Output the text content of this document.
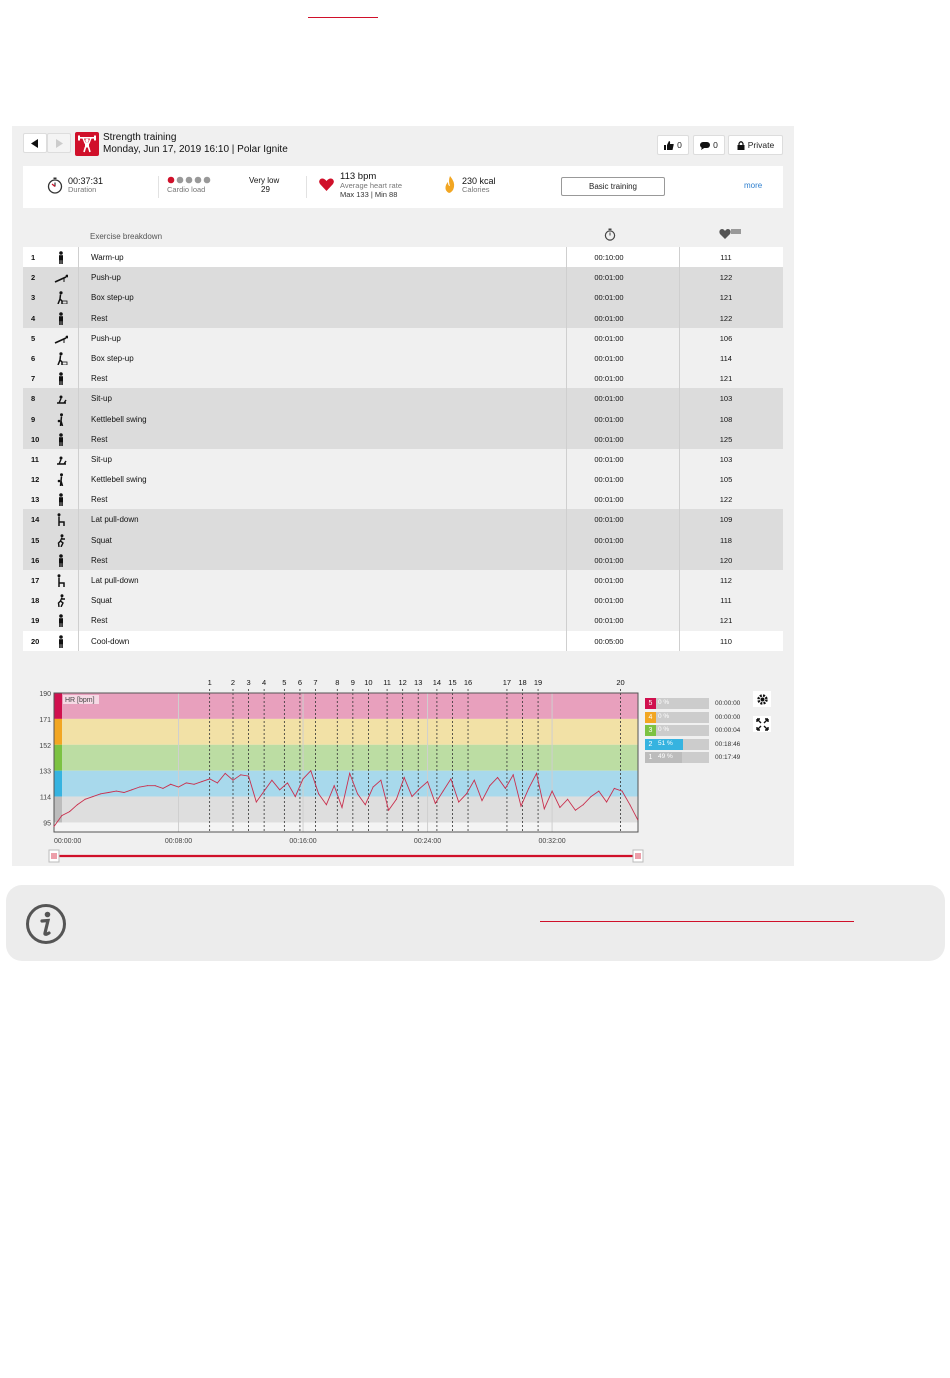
Strength training
Monday, Jun 17, 2019 16:10 | Polar Ignite	0	0	Private
00:37:31
Duration	Cardio load
Very low
29
113 bpm
Average heart rate
Max 133 | Min 88
230 kcal
Calories	Basic training	more
Exercise breakdown
1	Warm-up	00:10:00	111
2	Push-up	00:01:00	122
3	Box step-up	00:01:00	121
4	Rest	00:01:00	122
5	Push-up	00:01:00	106
6	Box step-up	00:01:00	114
7	Rest	00:01:00	121
8	Sit-up	00:01:00	103
9	Kettlebell swing	00:01:00	108
10	Rest	00:01:00	125
11	Sit-up	00:01:00	103
12	Kettlebell swing	00:01:00	105
13	Rest	00:01:00	122
14	Lat pull-down	00:01:00	109
15	Squat	00:01:00	118
16	Rest	00:01:00	120
17	Lat pull-down	00:01:00	112
18	Squat	00:01:00	111
19	Rest	00:01:00	121
20	Cool-down	00:05:00	110
1	2 3 4 5 6 7 8 9 10 11 12 13 14 15 16	17 18 19	20
HR [bpm]
190
171
152
133
114
95
00:00:00	00:08:00	00:16:00	00:24:00	00:32:00
5 0 %	00:00:00
4 0 %	00:00:00
3 0 %	00:00:04
2 51 %	00:18:46
1 49 %	00:17:49
